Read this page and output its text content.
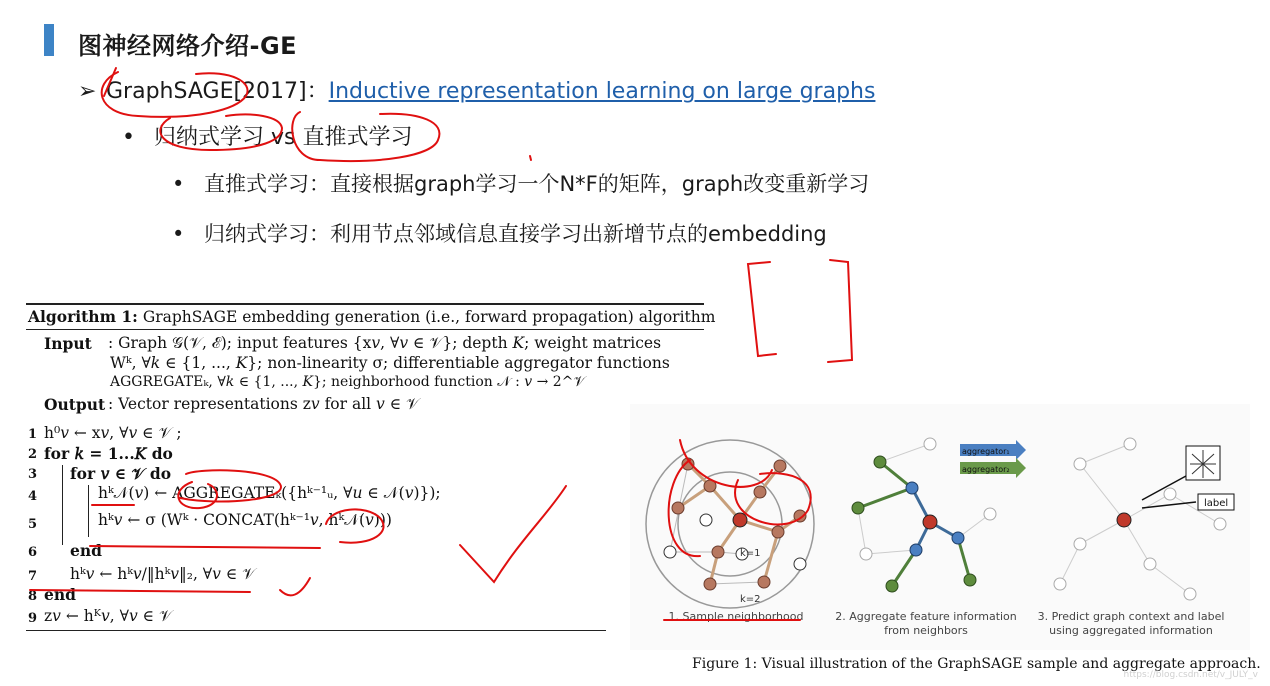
图神经网络介绍-GE
➢ GraphSAGE[2017]：Inductive representation learning on large graphs
• 归纳式学习 vs 直推式学习
• 直推式学习：直接根据graph学习一个N*F的矩阵，graph改变重新学习
• 归纳式学习：利用节点邻域信息直接学习出新增节点的embedding
Algorithm 1: GraphSAGE embedding generation (i.e., forward propagation) algorithm
Input : Graph 𝒢(𝒱, ℰ); input features {x𝑣, ∀𝑣 ∈ 𝒱}; depth 𝐾; weight matrices
Wᵏ, ∀𝑘 ∈ {1, ..., 𝐾}; non-linearity σ; differentiable aggregator functions
AGGREGATEₖ, ∀𝑘 ∈ {1, ..., 𝐾}; neighborhood function 𝒩 : 𝑣 → 2^𝒱
Output : Vector representations z𝑣 for all 𝑣 ∈ 𝒱
1 h⁰𝑣 ← x𝑣, ∀𝑣 ∈ 𝒱 ;
2 for 𝑘 = 1...𝐾 do
3 for 𝑣 ∈ 𝒱 do
4	hᵏ𝒩(𝑣) ← AGGREGATEₖ({hᵏ⁻¹ᵤ, ∀𝑢 ∈ 𝒩(𝑣)});
5	hᵏ𝑣 ← σ (Wᵏ · CONCAT(hᵏ⁻¹𝑣, hᵏ𝒩(𝑣)))
6 end
7 hᵏ𝑣 ← hᵏ𝑣/‖hᵏ𝑣‖₂, ∀𝑣 ∈ 𝒱
8 end
9 z𝑣 ← hᴷ𝑣, ∀𝑣 ∈ 𝒱
k=1
k=2
aggregator₁
aggregator₂
label
1. Sample neighborhood	2. Aggregate feature information
from neighbors
3. Predict graph context and label
using aggregated information
Figure 1: Visual illustration of the GraphSAGE sample and aggregate approach.
https://blog.csdn.net/v_JULY_v
